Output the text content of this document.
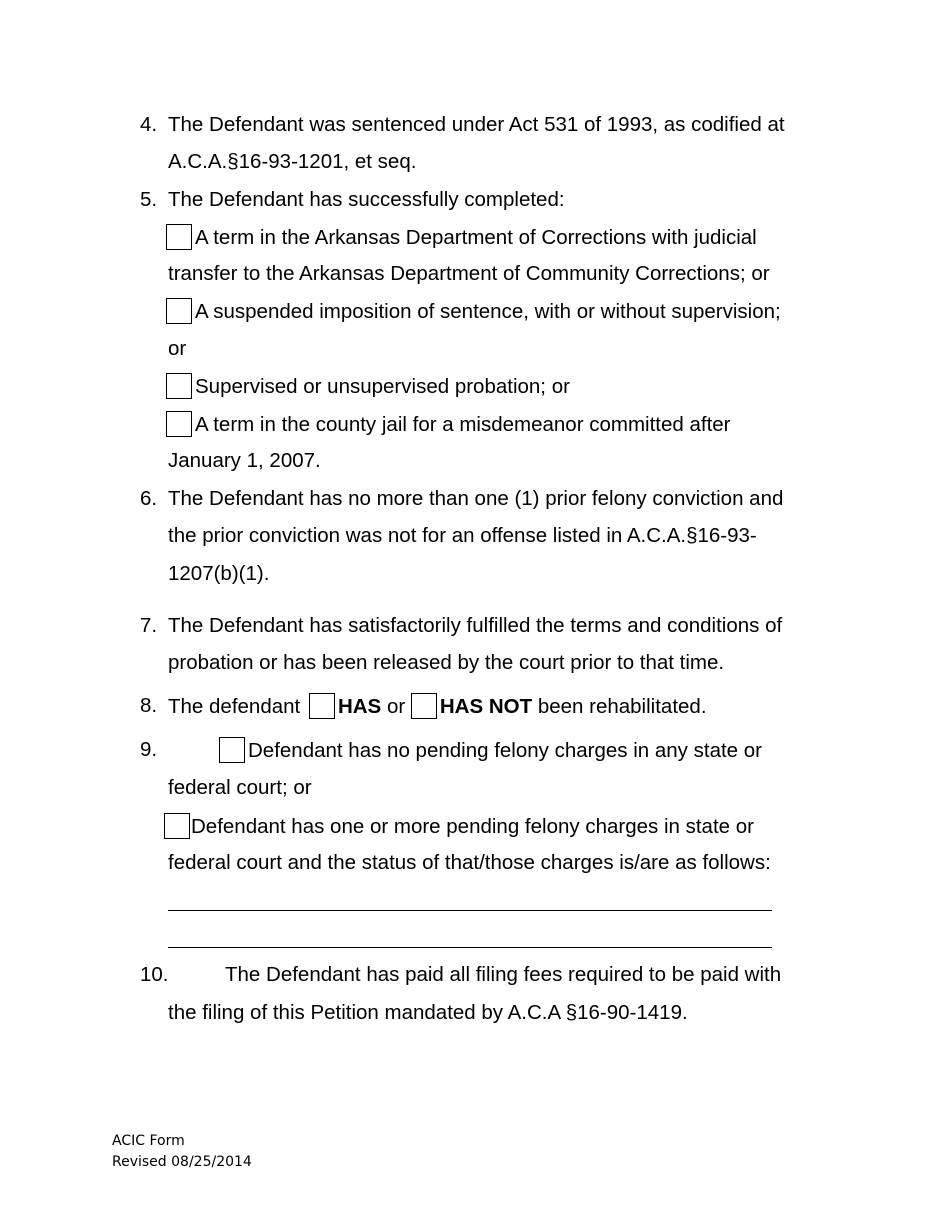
4. The Defendant was sentenced under Act 531 of 1993, as codified at
A.C.A.§16-93-1201, et seq.
5. The Defendant has successfully completed:
A term in the Arkansas Department of Corrections with judicial
transfer to the Arkansas Department of Community Corrections; or
A suspended imposition of sentence, with or without supervision;
or
Supervised or unsupervised probation; or
A term in the county jail for a misdemeanor committed after
January 1, 2007.
6. The Defendant has no more than one (1) prior felony conviction and
the prior conviction was not for an offense listed in A.C.A.§16-93-
1207(b)(1).
7. The Defendant has satisfactorily fulfilled the terms and conditions of
probation or has been released by the court prior to that time.
8. The defendant HAS or HAS NOT been rehabilitated.
9.	Defendant has no pending felony charges in any state or
federal court; or
Defendant has one or more pending felony charges in state or
federal court and the status of that/those charges is/are as follows:
10.	The Defendant has paid all filing fees required to be paid with
the filing of this Petition mandated by A.C.A §16-90-1419.
ACIC Form
Revised 08/25/2014
